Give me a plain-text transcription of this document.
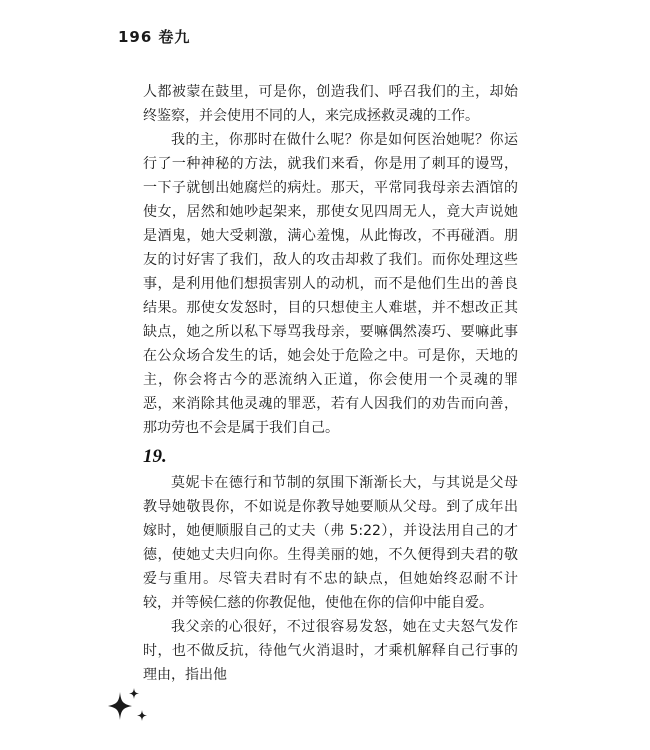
196 卷九

人都被蒙在鼓里，可是你，创造我们、呼召我们的主，却始终鉴察，并会使用不同的人，来完成拯救灵魂的工作。

我的主，你那时在做什么呢？你是如何医治她呢？你运行了一种神秘的方法，就我们来看，你是用了刺耳的谩骂，一下子就刨出她腐烂的病灶。那天，平常同我母亲去酒馆的使女，居然和她吵起架来，那使女见四周无人，竟大声说她是酒鬼，她大受刺激，满心羞愧，从此悔改，不再碰酒。朋友的讨好害了我们，敌人的攻击却救了我们。而你处理这些事，是利用他们想损害别人的动机，而不是他们生出的善良结果。那使女发怒时，目的只想使主人难堪，并不想改正其缺点，她之所以私下辱骂我母亲，要嘛偶然凑巧、要嘛此事在公众场合发生的话，她会处于危险之中。可是你，天地的主，你会将古今的恶流纳入正道，你会使用一个灵魂的罪恶，来消除其他灵魂的罪恶，若有人因我们的劝告而向善，那功劳也不会是属于我们自己。

19.

莫妮卡在德行和节制的氛围下渐渐长大，与其说是父母教导她敬畏你，不如说是你教导她要顺从父母。到了成年出嫁时，她便顺服自己的丈夫（弗 5:22），并设法用自己的才德，使她丈夫归向你。生得美丽的她，不久便得到夫君的敬爱与重用。尽管夫君时有不忠的缺点，但她始终忍耐不计较，并等候仁慈的你教促他，使他在你的信仰中能自爱。

我父亲的心很好，不过很容易发怒，她在丈夫怒气发作时，也不做反抗，待他气火消退时，才乘机解释自己行事的理由，指出他
